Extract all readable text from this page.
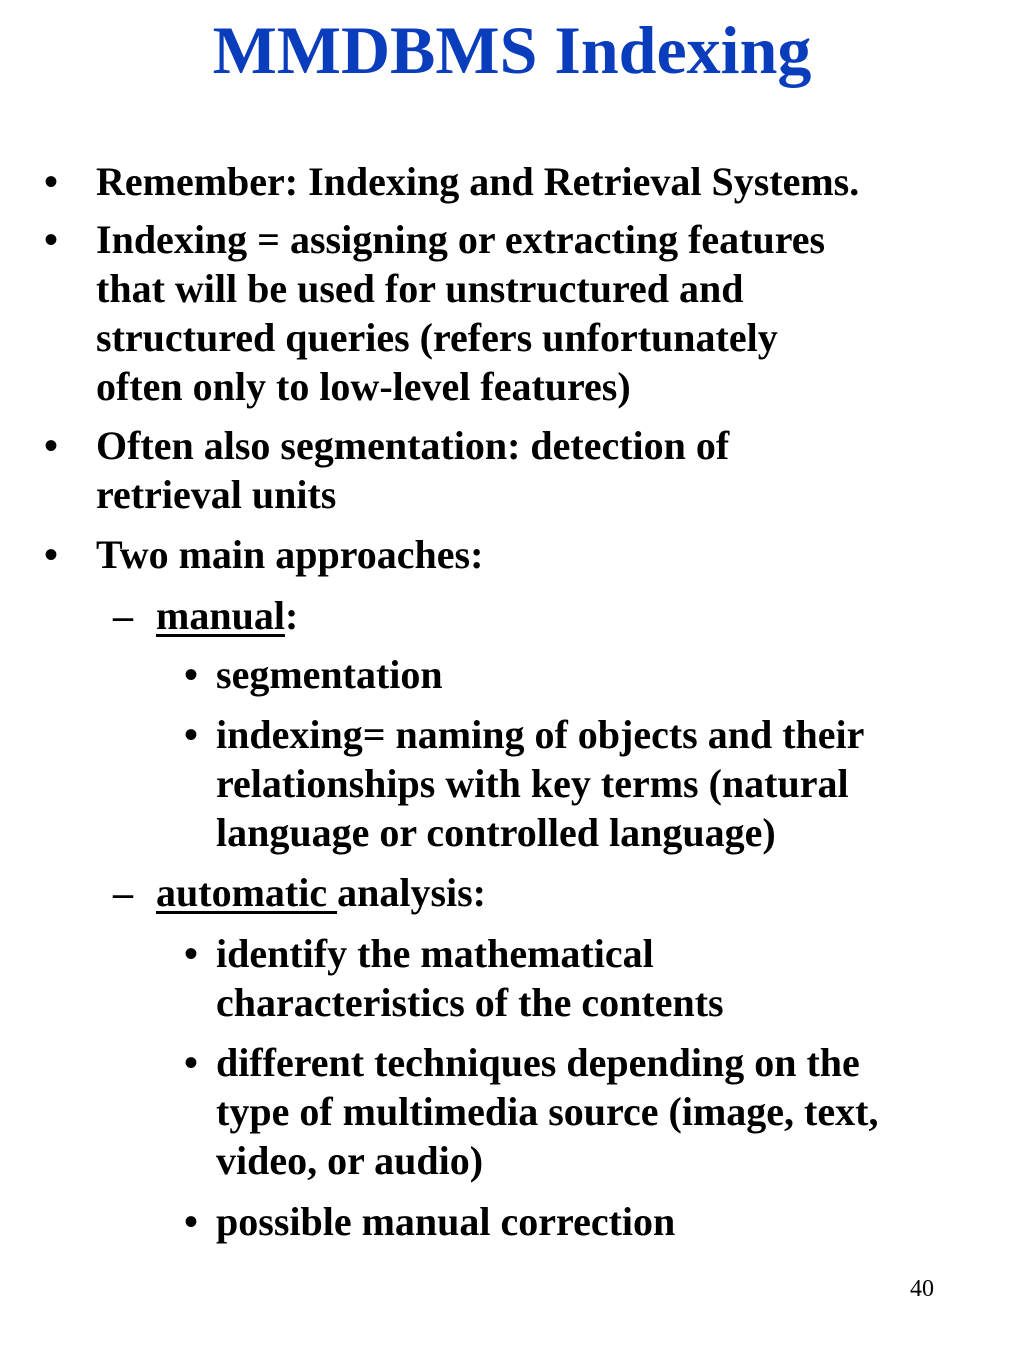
MMDBMS Indexing
• Remember: Indexing and Retrieval Systems.
• Indexing = assigning or extracting features
that will be used for unstructured and
structured queries (refers unfortunately
often only to low-level features)
• Often also segmentation: detection of
retrieval units
• Two main approaches:
– manual:
• segmentation
• indexing= naming of objects and their
relationships with key terms (natural
language or controlled language)
– automatic analysis:
• identify the mathematical
characteristics of the contents
• different techniques depending on the
type of multimedia source (image, text,
video, or audio)
• possible manual correction
40
